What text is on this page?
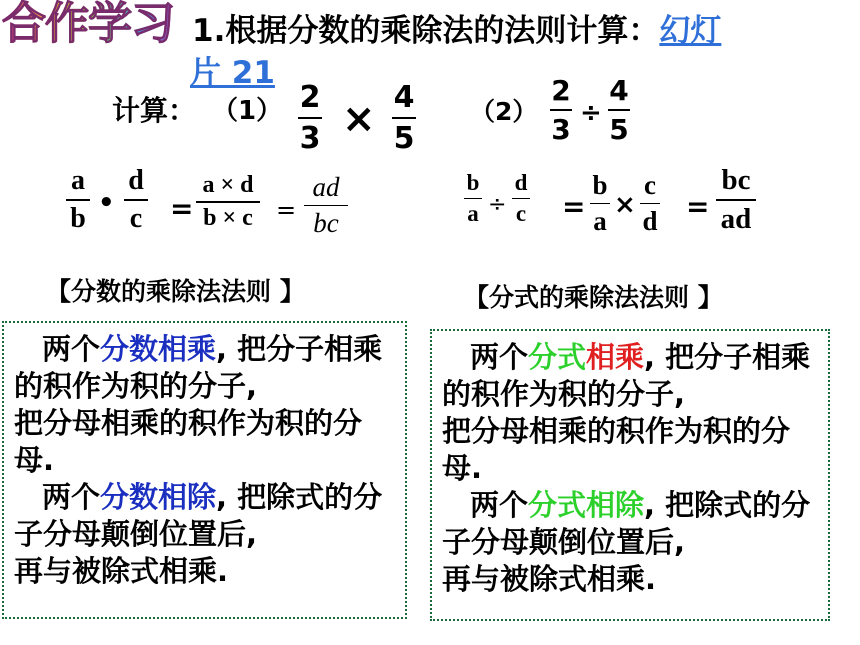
合作学习 1.根据分数的乘除法的法则计算：幻灯
片 21
计算： $(1) \frac{2}{3} \times \frac{4}{5} (2) \frac{2}{3} \div \frac{4}{5}$
$\frac{a}{b}$ • $\frac{d}{c} = \frac{a \times d}{b \times c} = \frac{ad}{bc}$	$\frac{b}{a} \div \frac{d}{c} = \frac{b}{a} \times \frac{c}{d} = \frac{bc}{ad}$
【分数的乘除法法则 】	【分式的乘除法法则 】

两个分数相乘, 把分子相乘的积作为积的分子,

把分母相乘的积作为积的分母.

两个分数相除, 把除式的分子分母颠倒位置后,

再与被除式相乘.

两个分式相乘, 把分子相乘的积作为积的分子,

把分母相乘的积作为积的分母.

两个分式相除, 把除式的分子分母颠倒位置后,

再与被除式相乘.
